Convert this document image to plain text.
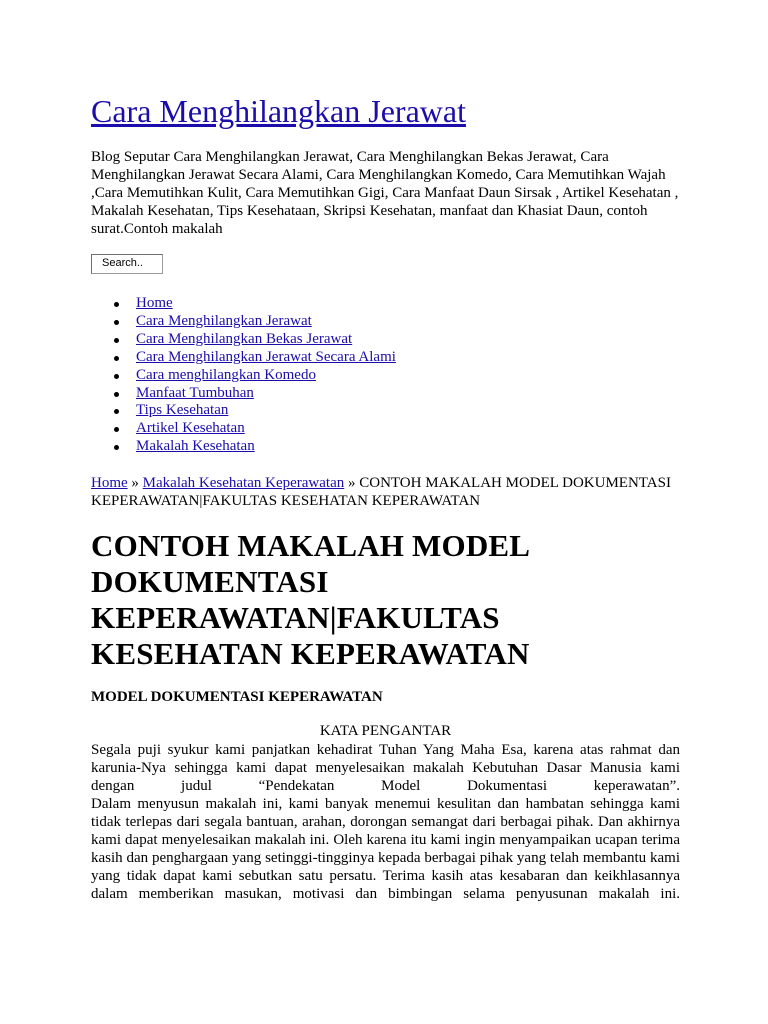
Cara Menghilangkan Jerawat

Blog Seputar Cara Menghilangkan Jerawat, Cara Menghilangkan Bekas Jerawat, Cara Menghilangkan Jerawat Secara Alami, Cara Menghilangkan Komedo, Cara Memutihkan Wajah ,Cara Memutihkan Kulit, Cara Memutihkan Gigi, Cara Manfaat Daun Sirsak , Artikel Kesehatan , Makalah Kesehatan, Tips Kesehataan, Skripsi Kesehatan, manfaat dan Khasiat Daun, contoh surat.Contoh makalah

Search..
Home
Cara Menghilangkan Jerawat
Cara Menghilangkan Bekas Jerawat
Cara Menghilangkan Jerawat Secara Alami
Cara menghilangkan Komedo
Manfaat Tumbuhan
Tips Kesehatan
Artikel Kesehatan
Makalah Kesehatan

Home » Makalah Kesehatan Keperawatan » CONTOH MAKALAH MODEL DOKUMENTASI KEPERAWATAN|FAKULTAS KESEHATAN KEPERAWATAN

CONTOH MAKALAH MODEL DOKUMENTASI KEPERAWATAN|FAKULTAS KESEHATAN KEPERAWATAN

MODEL DOKUMENTASI KEPERAWATAN

KATA PENGANTAR

Segala puji syukur kami panjatkan kehadirat Tuhan Yang Maha Esa, karena atas rahmat dan karunia-Nya sehingga kami dapat menyelesaikan makalah Kebutuhan Dasar Manusia kami dengan judul “Pendekatan Model Dokumentasi keperawatan”.
Dalam menyusun makalah ini, kami banyak menemui kesulitan dan hambatan sehingga kami tidak terlepas dari segala bantuan, arahan, dorongan semangat dari berbagai pihak. Dan akhirnya kami dapat menyelesaikan makalah ini. Oleh karena itu kami ingin menyampaikan ucapan terima kasih dan penghargaan yang setinggi-tingginya kepada berbagai pihak yang telah membantu kami yang tidak dapat kami sebutkan satu persatu. Terima kasih atas kesabaran dan keikhlasannya dalam memberikan masukan, motivasi dan bimbingan selama penyusunan makalah ini.
